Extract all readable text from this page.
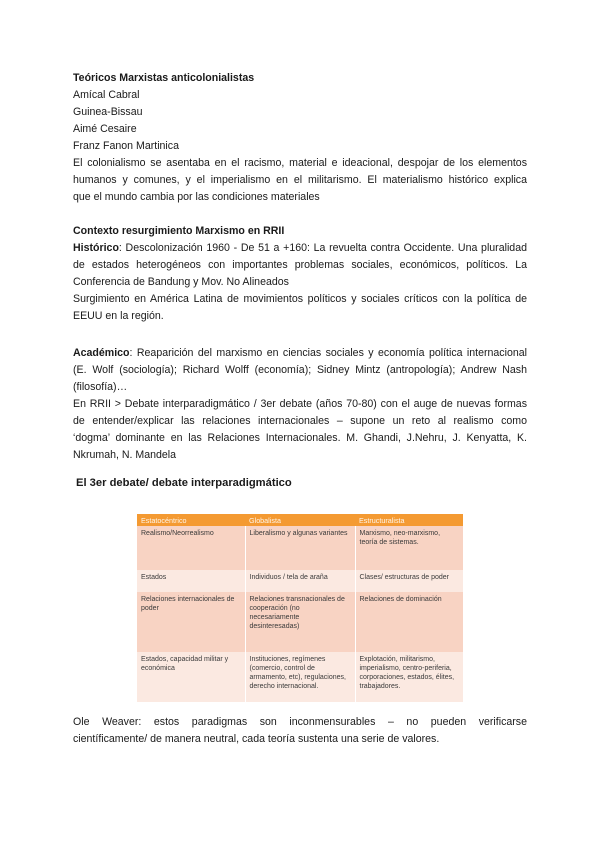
Teóricos Marxistas anticolonialistas
Amícal Cabral
Guinea-Bissau
Aimé Cesaire
Franz Fanon Martinica
El colonialismo se asentaba en el racismo, material e ideacional, despojar de los elementos
humanos y comunes, y el imperialismo en el militarismo. El materialismo histórico explica
que el mundo cambia por las condiciones materiales
Contexto resurgimiento Marxismo en RRII
Histórico: Descolonización 1960 - De 51 a +160: La revuelta contra Occidente. Una pluralidad
de estados heterogéneos con importantes problemas sociales, económicos, políticos. La
Conferencia de Bandung y Mov. No Alineados
Surgimiento en América Latina de movimientos políticos y sociales críticos con la política de
EEUU en la región.
Académico: Reaparición del marxismo en ciencias sociales y economía política internacional
(E. Wolf (sociología); Richard Wolff (economía); Sidney Mintz (antropología); Andrew Nash
(filosofía)…
En RRII > Debate interparadigmático / 3er debate (años 70-80) con el auge de nuevas formas
de entender/explicar las relaciones internacionales – supone un reto al realismo como
‘dogma’ dominante en las Relaciones Internacionales. M. Ghandi, J.Nehru, J. Kenyatta, K.
Nkrumah, N. Mandela
El 3er debate/ debate interparadigmático
Estatocéntrico	Globalista	Estructuralista
Realismo/Neorrealismo	Liberalismo y algunas variantes	Marxismo, neo-marxismo, teoría de sistemas.
Estados	Individuos / tela de araña	Clases/ estructuras de poder
Relaciones internacionales de poder	Relaciones transnacionales de cooperación (no necesariamente desinteresadas)	Relaciones de dominación
Estados, capacidad militar y económica	Instituciones, regímenes (comercio, control de armamento, etc), regulaciones, derecho internacional.	Explotación, militarismo, imperialismo, centro-periferia, corporaciones, estados, élites, trabajadores.
Ole Weaver: estos paradigmas son inconmensurables – no pueden verificarse
científicamente/ de manera neutral, cada teoría sustenta una serie de valores.
